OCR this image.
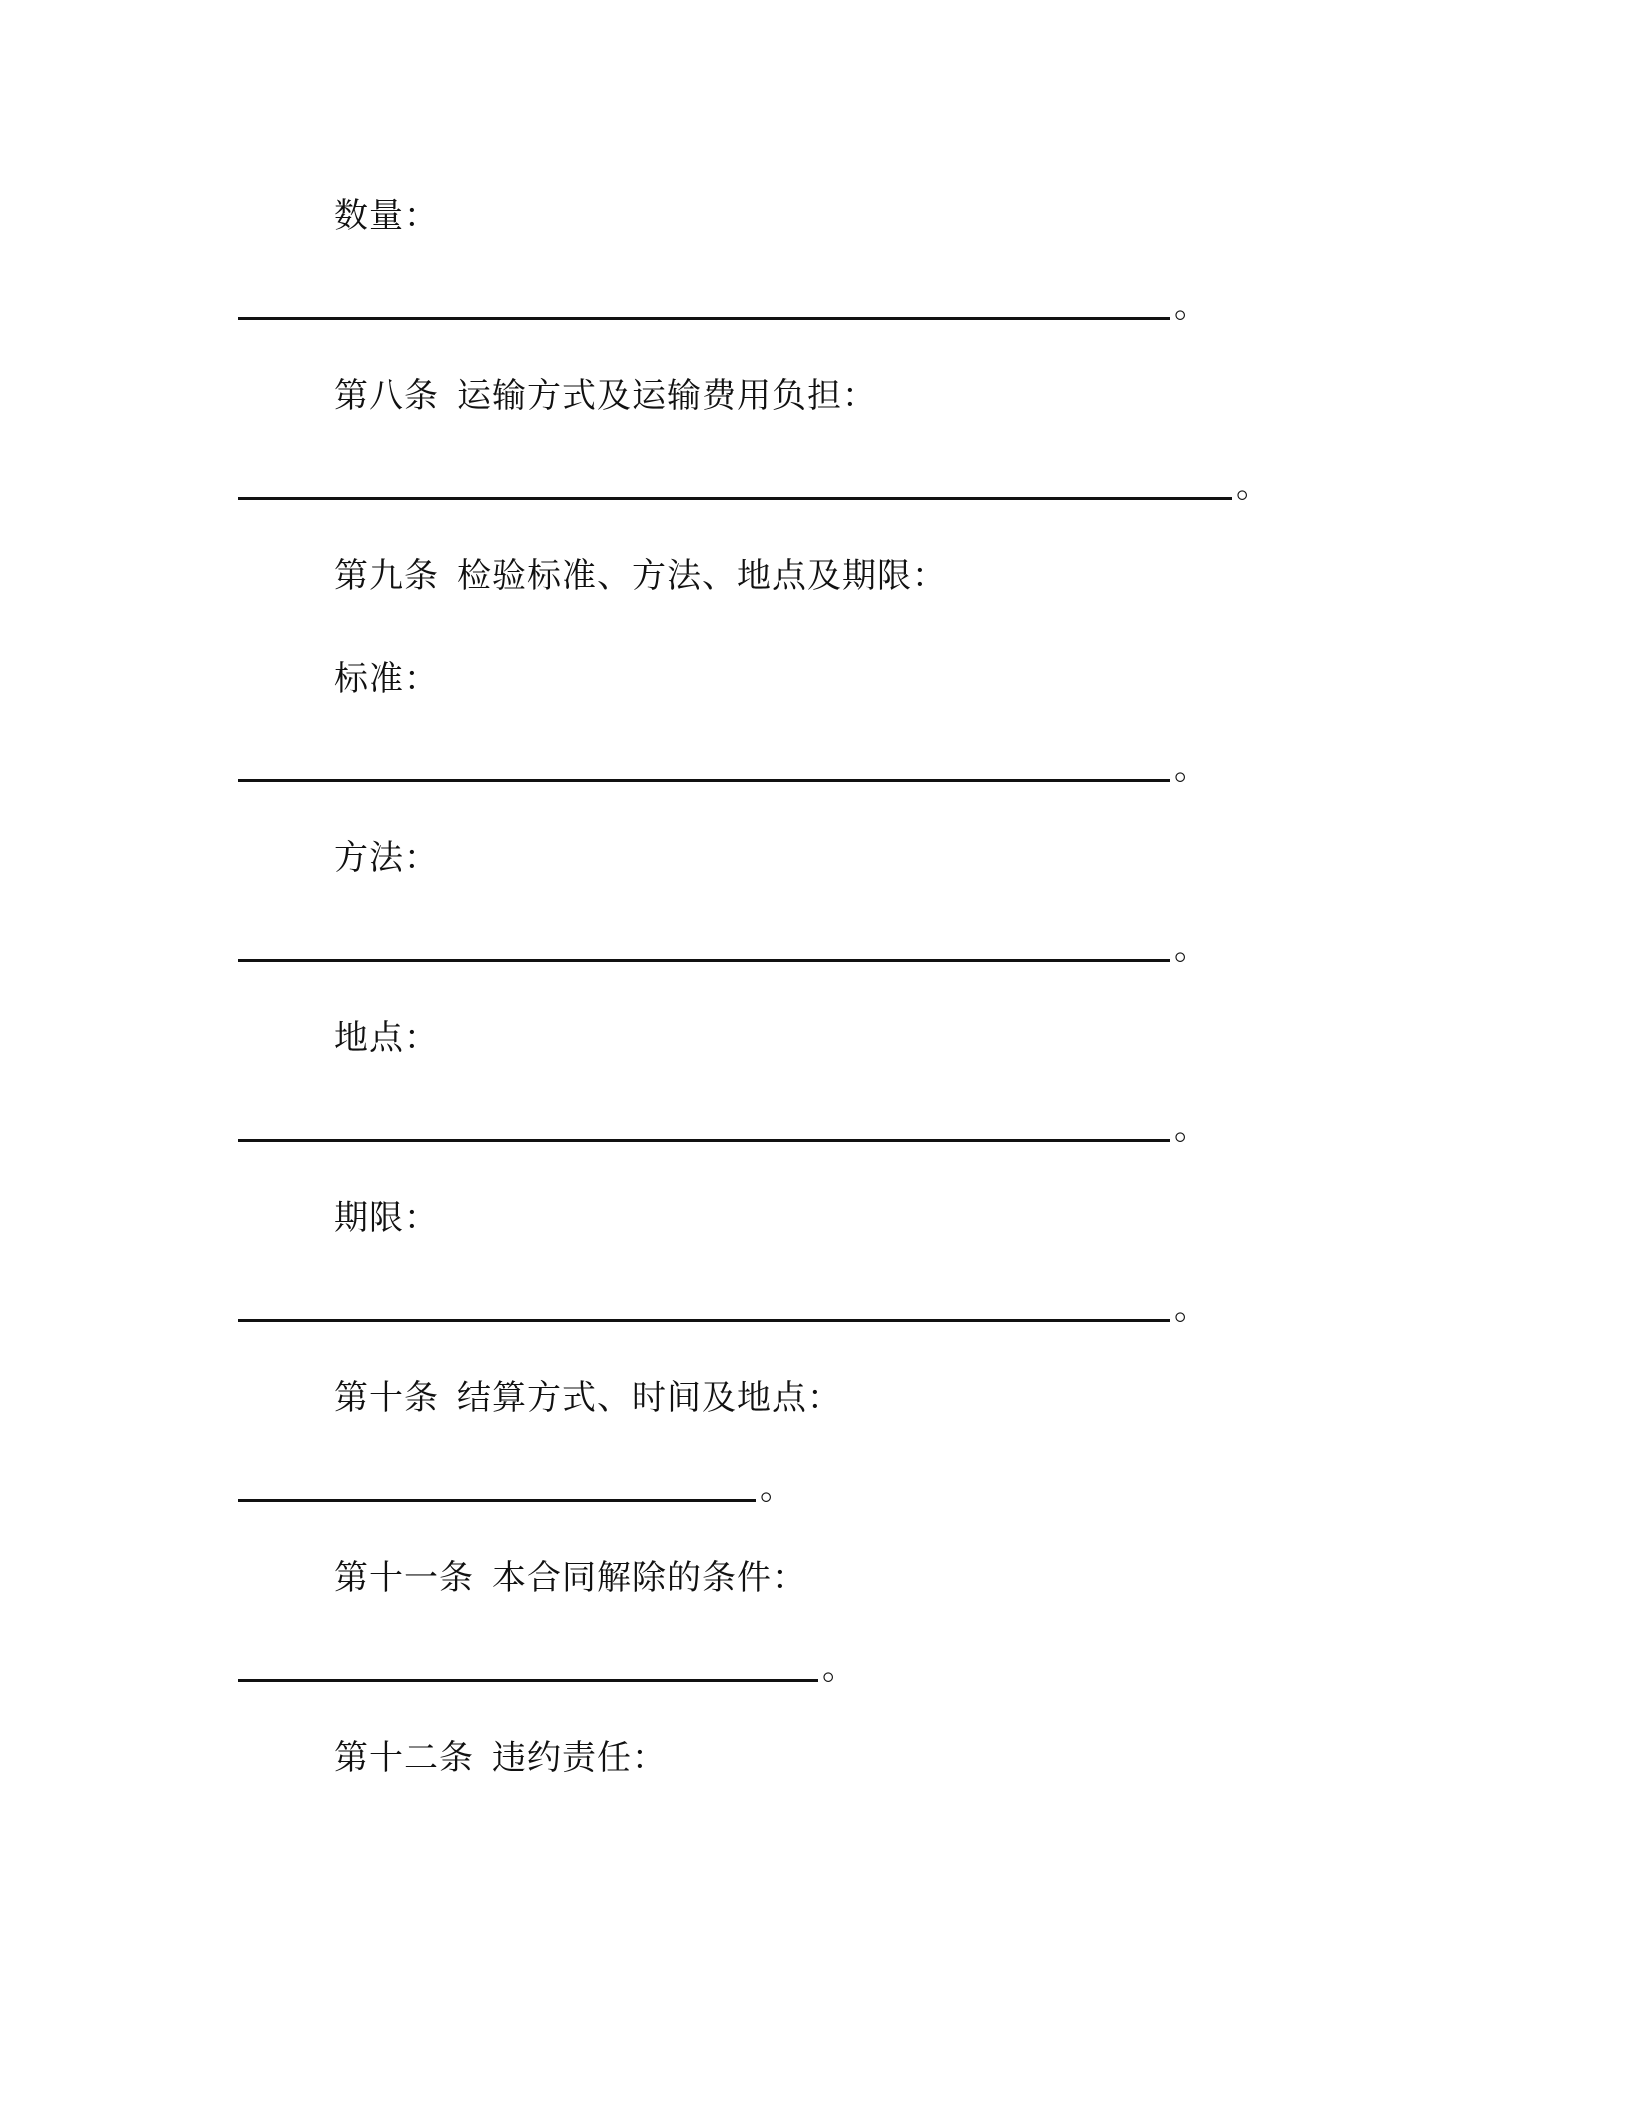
数量：
。
第八条 运输方式及运输费用负担：
。
第九条 检验标准、方法、地点及期限：
标准：
。
方法：
。
地点：
。
期限：
。
第十条 结算方式、时间及地点：
。
第十一条 本合同解除的条件：
。
第十二条 违约责任：
